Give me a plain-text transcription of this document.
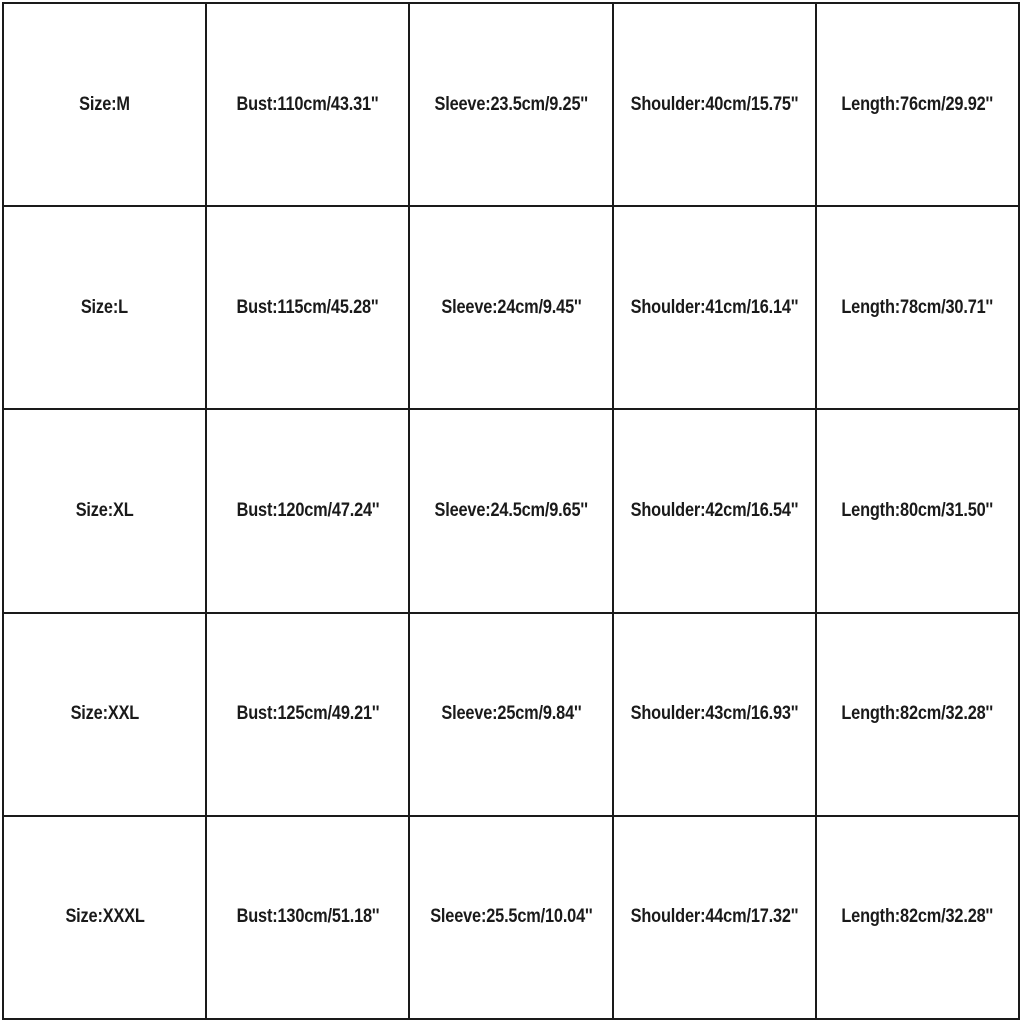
Size:M	Bust:110cm/43.31''	Sleeve:23.5cm/9.25'' Shoulder:40cm/15.75'' Length:76cm/29.92''
Size:L	Bust:115cm/45.28''	Sleeve:24cm/9.45''	Shoulder:41cm/16.14'' Length:78cm/30.71''
Size:XL	Bust:120cm/47.24''	Sleeve:24.5cm/9.65'' Shoulder:42cm/16.54'' Length:80cm/31.50''
Size:XXL	Bust:125cm/49.21''	Sleeve:25cm/9.84''	Shoulder:43cm/16.93'' Length:82cm/32.28''
Size:XXXL	Bust:130cm/51.18''	Sleeve:25.5cm/10.04'' Shoulder:44cm/17.32'' Length:82cm/32.28''
